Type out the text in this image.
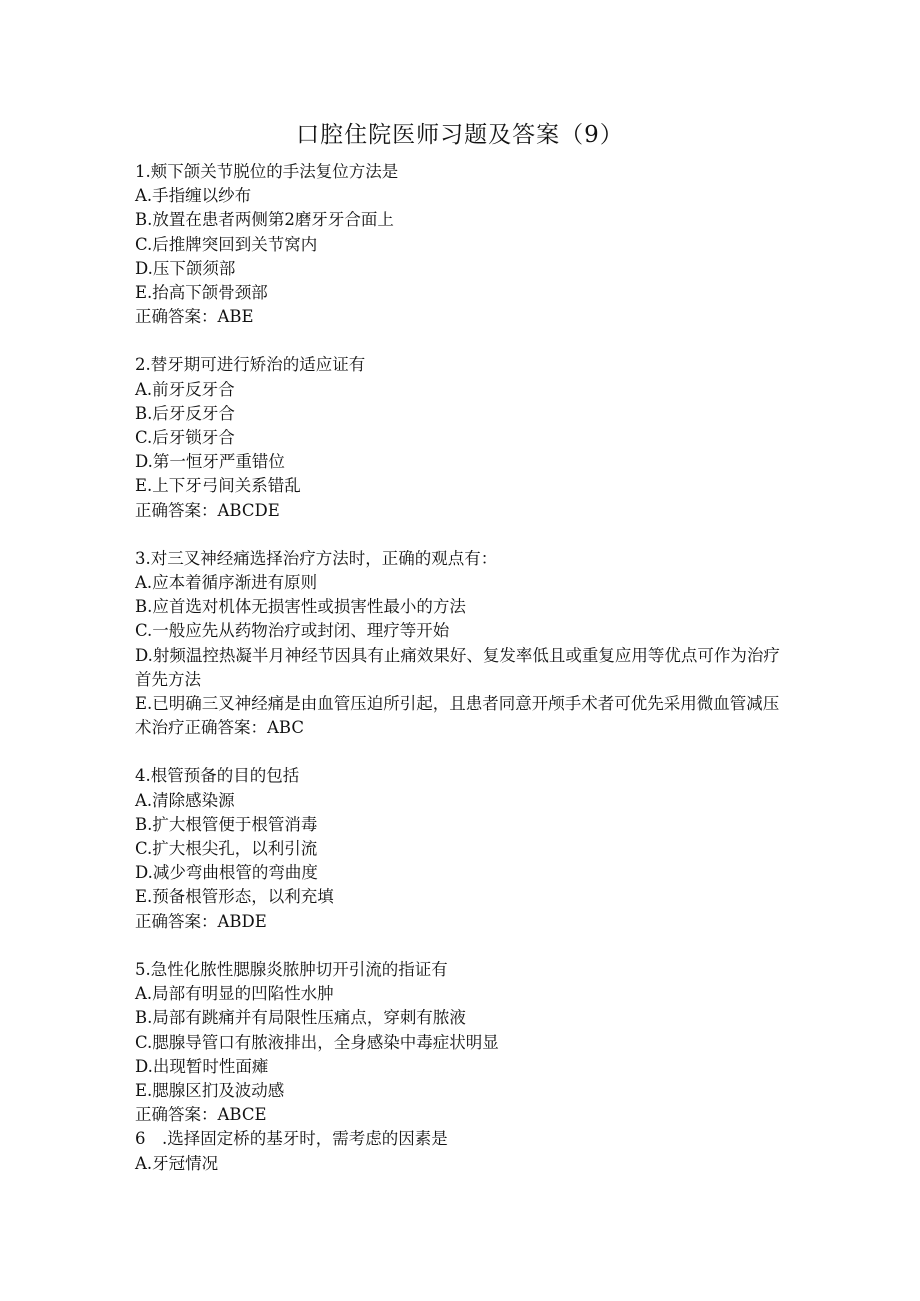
口腔住院医师习题及答案（9）
1.颊下颌关节脱位的手法复位方法是
A.手指缠以纱布
B.放置在患者两侧第2磨牙牙合面上
C.后推牌突回到关节窝内
D.压下颌须部
E.抬高下颌骨颈部
正确答案：ABE
2.替牙期可进行矫治的适应证有
A.前牙反牙合
B.后牙反牙合
C.后牙锁牙合
D.第一恒牙严重错位
E.上下牙弓间关系错乱
正确答案：ABCDE
3.对三叉神经痛选择治疗方法时，正确的观点有：
A.应本着循序渐进有原则
B.应首选对机体无损害性或损害性最小的方法
C.一般应先从药物治疗或封闭、理疗等开始
D.射频温控热凝半月神经节因具有止痛效果好、复发率低且或重复应用等优点可作为治疗首先方法
E.已明确三叉神经痛是由血管压迫所引起，且患者同意开颅手术者可优先采用微血管减压术治疗正确答案：ABC
4.根管预备的目的包括
A.清除感染源
B.扩大根管便于根管消毒
C.扩大根尖孔，以利引流
D.减少弯曲根管的弯曲度
E.预备根管形态，以利充填
正确答案：ABDE
5.急性化脓性腮腺炎脓肿切开引流的指证有
A.局部有明显的凹陷性水肿
B.局部有跳痛并有局限性压痛点，穿刺有脓液
C.腮腺导管口有脓液排出，全身感染中毒症状明显
D.出现暂时性面瘫
E.腮腺区扪及波动感
正确答案：ABCE
6　.选择固定桥的基牙时，需考虑的因素是
A.牙冠情况
